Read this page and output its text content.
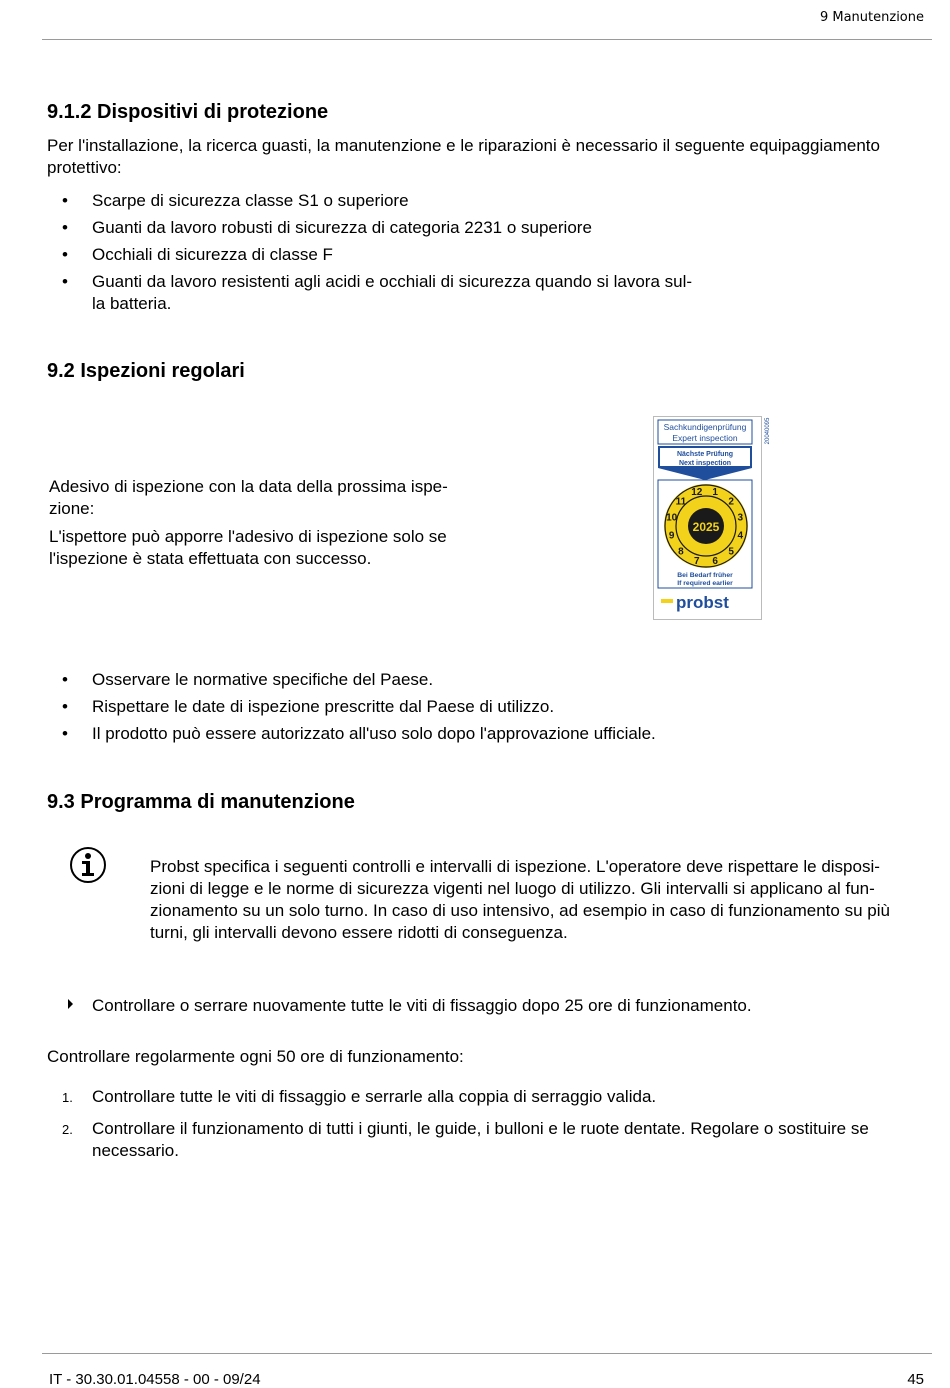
9 Manutenzione
9.1.2 Dispositivi di protezione

Per l'installazione, la ricerca guasti, la manutenzione e le riparazioni è necessario il seguente equipaggiamento protettivo:

• Scarpe di sicurezza classe S1 o superiore
• Guanti da lavoro robusti di sicurezza di categoria 2231 o superiore
• Occhiali di sicurezza di classe F
• Guanti da lavoro resistenti agli acidi e occhiali di sicurezza quando si lavora sul-
la batteria.
9.2 Ispezioni regolari

Adesivo di ispezione con la data della prossima ispe-
zione:

L'ispettore può apporre l'adesivo di ispezione solo se l'ispezione è stata effettuata con successo.

Sachkundigenprüfung
Expert inspection	20040095
Nächste Prüfung
Next inspection
1
2
3
4
5
6
7
8
9
10
11
12
2025
Bei Bedarf früher
If required earlier
probst
• Osservare le normative specifiche del Paese.
• Rispettare le date di ispezione prescritte dal Paese di utilizzo.
• Il prodotto può essere autorizzato all'uso solo dopo l'approvazione ufficiale.
9.3 Programma di manutenzione

Probst specifica i seguenti controlli e intervalli di ispezione. L'operatore deve rispettare le disposi-
zioni di legge e le norme di sicurezza vigenti nel luogo di utilizzo. Gli intervalli si applicano al fun-
zionamento su un solo turno. In caso di uso intensivo, ad esempio in caso di funzionamento su più
turni, gli intervalli devono essere ridotti di conseguenza.

Controllare o serrare nuovamente tutte le viti di fissaggio dopo 25 ore di funzionamento.

Controllare regolarmente ogni 50 ore di funzionamento:

1. Controllare tutte le viti di fissaggio e serrarle alla coppia di serraggio valida.
2. Controllare il funzionamento di tutti i giunti, le guide, i bulloni e le ruote dentate. Regolare o sostituire se
necessario.
IT - 30.30.01.04558 - 00 - 09/24	45
